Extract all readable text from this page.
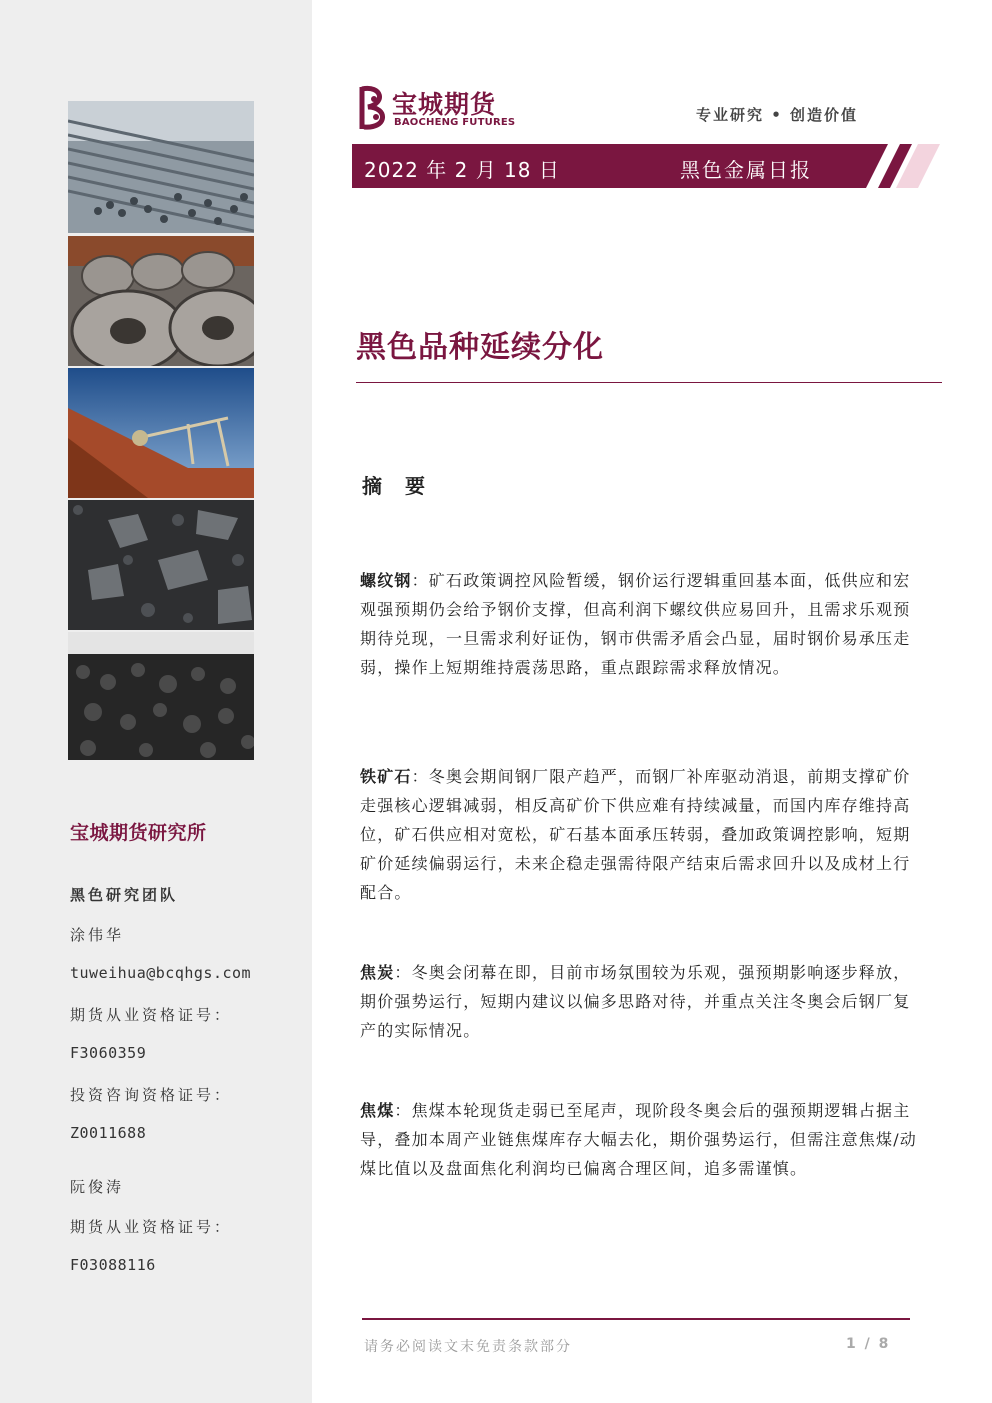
宝城期货研究所
黑色研究团队
涂伟华
tuweihua@bcqhgs.com
期货从业资格证号：
F3060359
投资咨询资格证号：
Z0011688
阮俊涛
期货从业资格证号：
F03088116
宝城期货
BAOCHENG FUTURES	专业研究 • 创造价值
2022 年 2 月 18 日	黑色金属日报
黑色品种延续分化
摘 要
螺纹钢：矿石政策调控风险暂缓，钢价运行逻辑重回基本面，低供应和宏观强预期仍会给予钢价支撑，但高利润下螺纹供应易回升，且需求乐观预期待兑现，一旦需求利好证伪，钢市供需矛盾会凸显，届时钢价易承压走弱，操作上短期维持震荡思路，重点跟踪需求释放情况。
铁矿石：冬奥会期间钢厂限产趋严，而钢厂补库驱动消退，前期支撑矿价走强核心逻辑减弱，相反高矿价下供应难有持续减量，而国内库存维持高位，矿石供应相对宽松，矿石基本面承压转弱，叠加政策调控影响，短期矿价延续偏弱运行，未来企稳走强需待限产结束后需求回升以及成材上行配合。
焦炭：冬奥会闭幕在即，目前市场氛围较为乐观，强预期影响逐步释放，期价强势运行，短期内建议以偏多思路对待，并重点关注冬奥会后钢厂复产的实际情况。
焦煤：焦煤本轮现货走弱已至尾声，现阶段冬奥会后的强预期逻辑占据主导，叠加本周产业链焦煤库存大幅去化，期价强势运行，但需注意焦煤/动煤比值以及盘面焦化利润均已偏离合理区间，追多需谨慎。
请务必阅读文末免责条款部分	1 / 8
